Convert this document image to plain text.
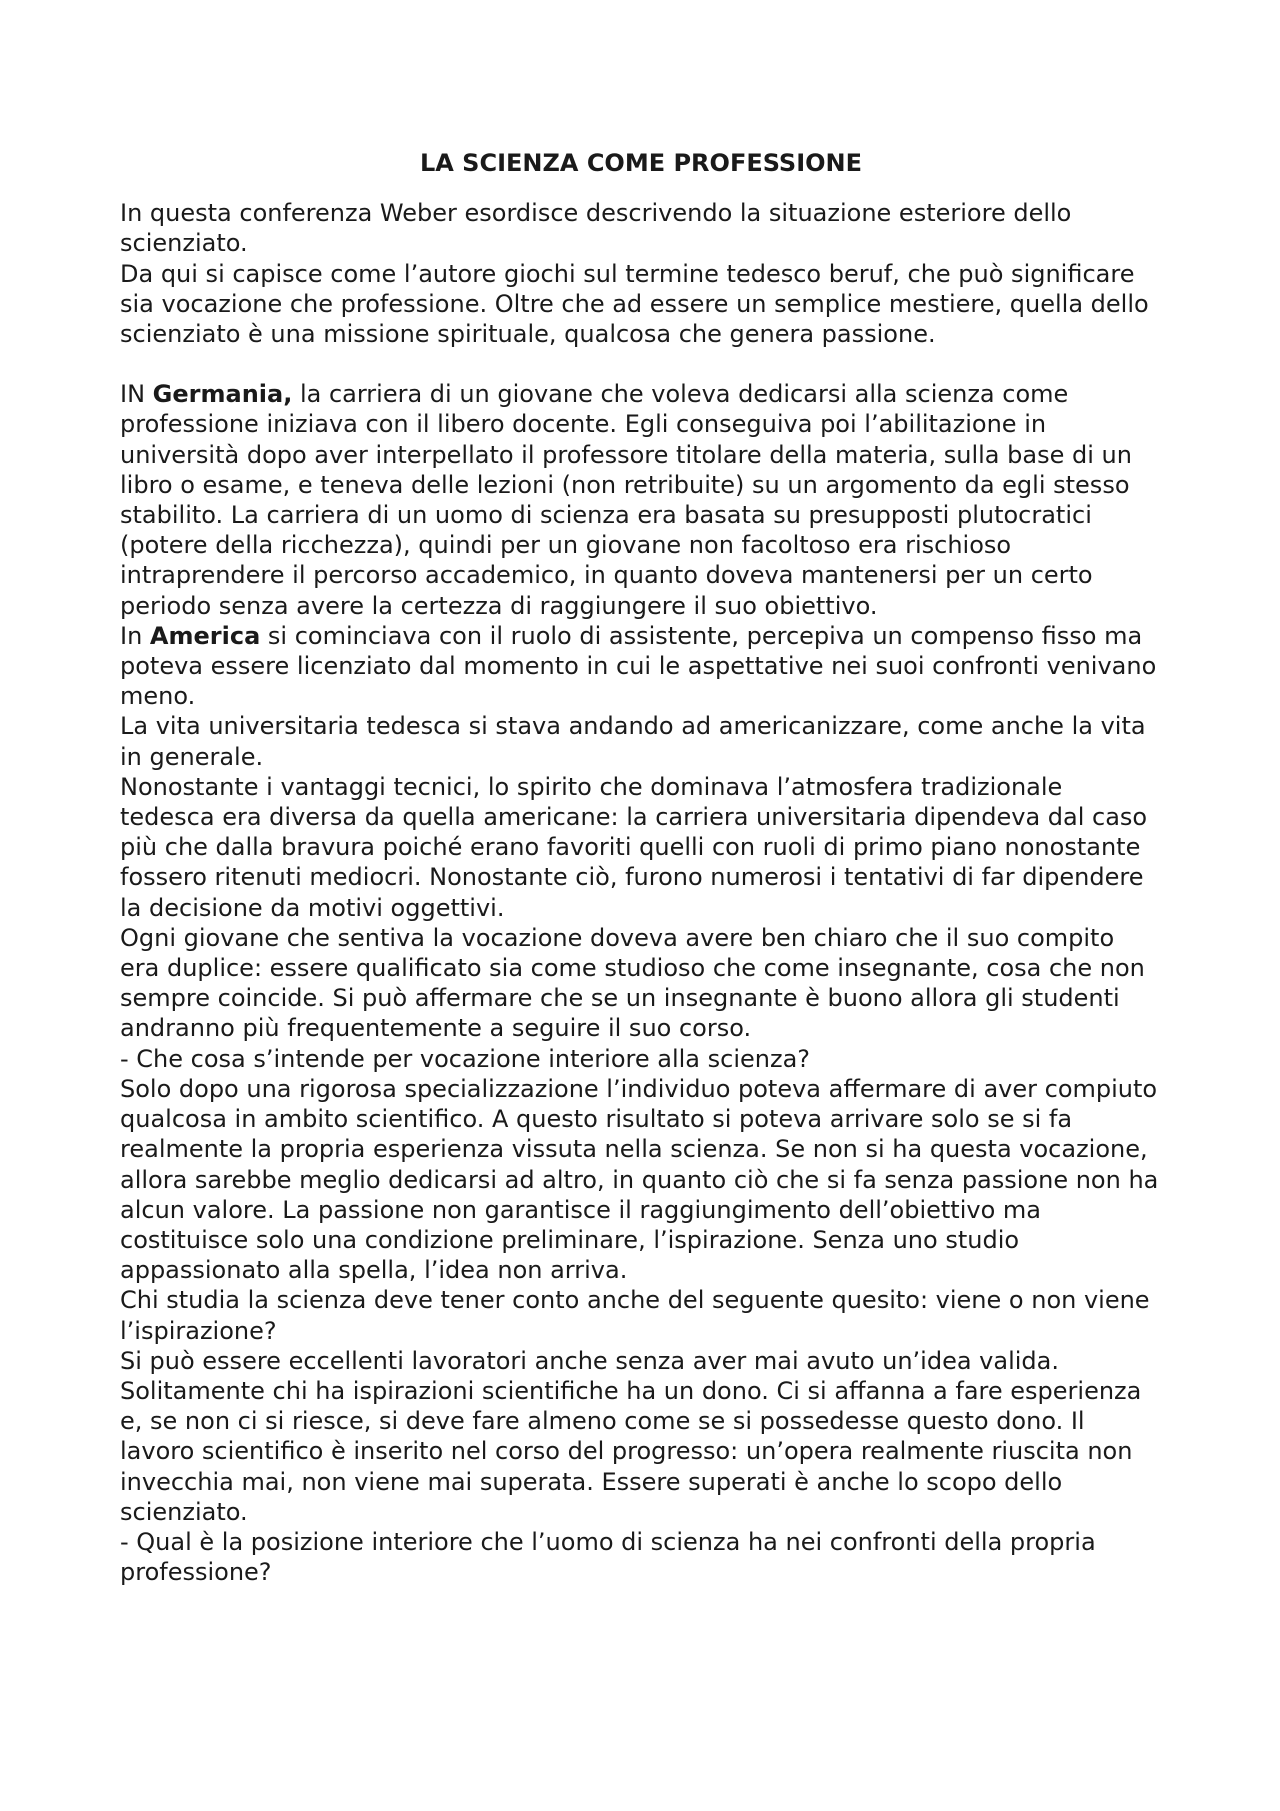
LA SCIENZA COME PROFESSIONE

In questa conferenza Weber esordisce descrivendo la situazione esteriore dello scienziato.

Da qui si capisce come l’autore giochi sul termine tedesco beruf, che può significare sia vocazione che professione. Oltre che ad essere un semplice mestiere, quella dello scienziato è una missione spirituale, qualcosa che genera passione.

IN Germania, la carriera di un giovane che voleva dedicarsi alla scienza come professione iniziava con il libero docente. Egli conseguiva poi l’abilitazione in università dopo aver interpellato il professore titolare della materia, sulla base di un libro o esame, e teneva delle lezioni (non retribuite) su un argomento da egli stesso stabilito. La carriera di un uomo di scienza era basata su presupposti plutocratici (potere della ricchezza), quindi per un giovane non facoltoso era rischioso intraprendere il percorso accademico, in quanto doveva mantenersi per un certo periodo senza avere la certezza di raggiungere il suo obiettivo.

In America si cominciava con il ruolo di assistente, percepiva un compenso fisso ma poteva essere licenziato dal momento in cui le aspettative nei suoi confronti venivano meno.

La vita universitaria tedesca si stava andando ad americanizzare, come anche la vita in generale.

Nonostante i vantaggi tecnici, lo spirito che dominava l’atmosfera tradizionale tedesca era diversa da quella americane: la carriera universitaria dipendeva dal caso più che dalla bravura poiché erano favoriti quelli con ruoli di primo piano nonostante fossero ritenuti mediocri. Nonostante ciò, furono numerosi i tentativi di far dipendere la decisione da motivi oggettivi.

Ogni giovane che sentiva la vocazione doveva avere ben chiaro che il suo compito era duplice: essere qualificato sia come studioso che come insegnante, cosa che non sempre coincide. Si può affermare che se un insegnante è buono allora gli studenti andranno più frequentemente a seguire il suo corso.

- Che cosa s’intende per vocazione interiore alla scienza?

Solo dopo una rigorosa specializzazione l’individuo poteva affermare di aver compiuto qualcosa in ambito scientifico. A questo risultato si poteva arrivare solo se si fa realmente la propria esperienza vissuta nella scienza. Se non si ha questa vocazione, allora sarebbe meglio dedicarsi ad altro, in quanto ciò che si fa senza passione non ha alcun valore. La passione non garantisce il raggiungimento dell’obiettivo ma costituisce solo una condizione preliminare, l’ispirazione. Senza uno studio appassionato alla spella, l’idea non arriva.

Chi studia la scienza deve tener conto anche del seguente quesito: viene o non viene l’ispirazione?

Si può essere eccellenti lavoratori anche senza aver mai avuto un’idea valida. Solitamente chi ha ispirazioni scientifiche ha un dono. Ci si affanna a fare esperienza e, se non ci si riesce, si deve fare almeno come se si possedesse questo dono. Il lavoro scientifico è inserito nel corso del progresso: un’opera realmente riuscita non invecchia mai, non viene mai superata. Essere superati è anche lo scopo dello scienziato.

- Qual è la posizione interiore che l’uomo di scienza ha nei confronti della propria professione?
